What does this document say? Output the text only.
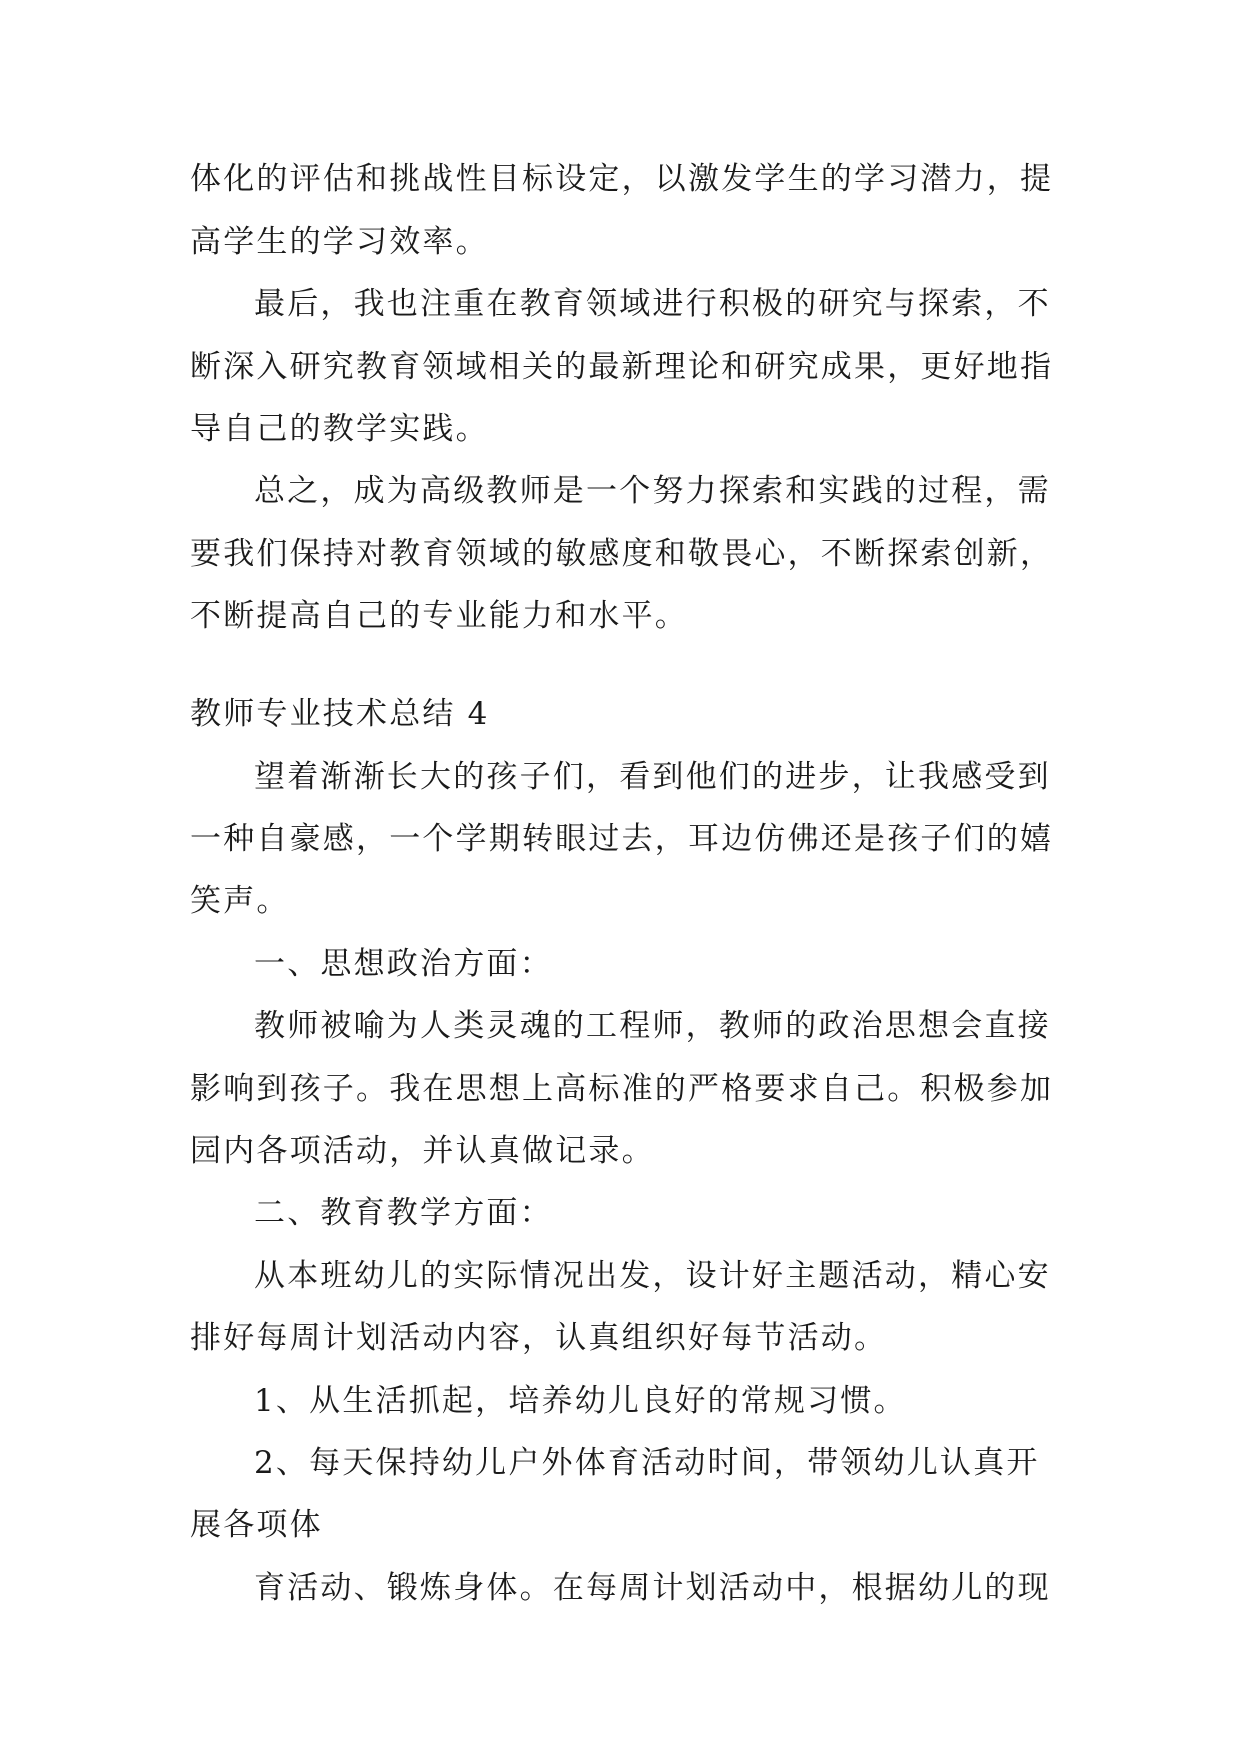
体化的评估和挑战性目标设定，以激发学生的学习潜力，提
高学生的学习效率。
最后，我也注重在教育领域进行积极的研究与探索，不
断深入研究教育领域相关的最新理论和研究成果，更好地指
导自己的教学实践。
总之，成为高级教师是一个努力探索和实践的过程，需
要我们保持对教育领域的敏感度和敬畏心，不断探索创新，
不断提高自己的专业能力和水平。
教师专业技术总结 4
望着渐渐长大的孩子们，看到他们的进步，让我感受到
一种自豪感，一个学期转眼过去，耳边仿佛还是孩子们的嬉
笑声。
一、思想政治方面：
教师被喻为人类灵魂的工程师，教师的政治思想会直接
影响到孩子。我在思想上高标准的严格要求自己。积极参加
园内各项活动，并认真做记录。
二、教育教学方面：
从本班幼儿的实际情况出发，设计好主题活动，精心安
排好每周计划活动内容，认真组织好每节活动。
1、从生活抓起，培养幼儿良好的常规习惯。
2、每天保持幼儿户外体育活动时间，带领幼儿认真开
展各项体
育活动、锻炼身体。在每周计划活动中，根据幼儿的现
